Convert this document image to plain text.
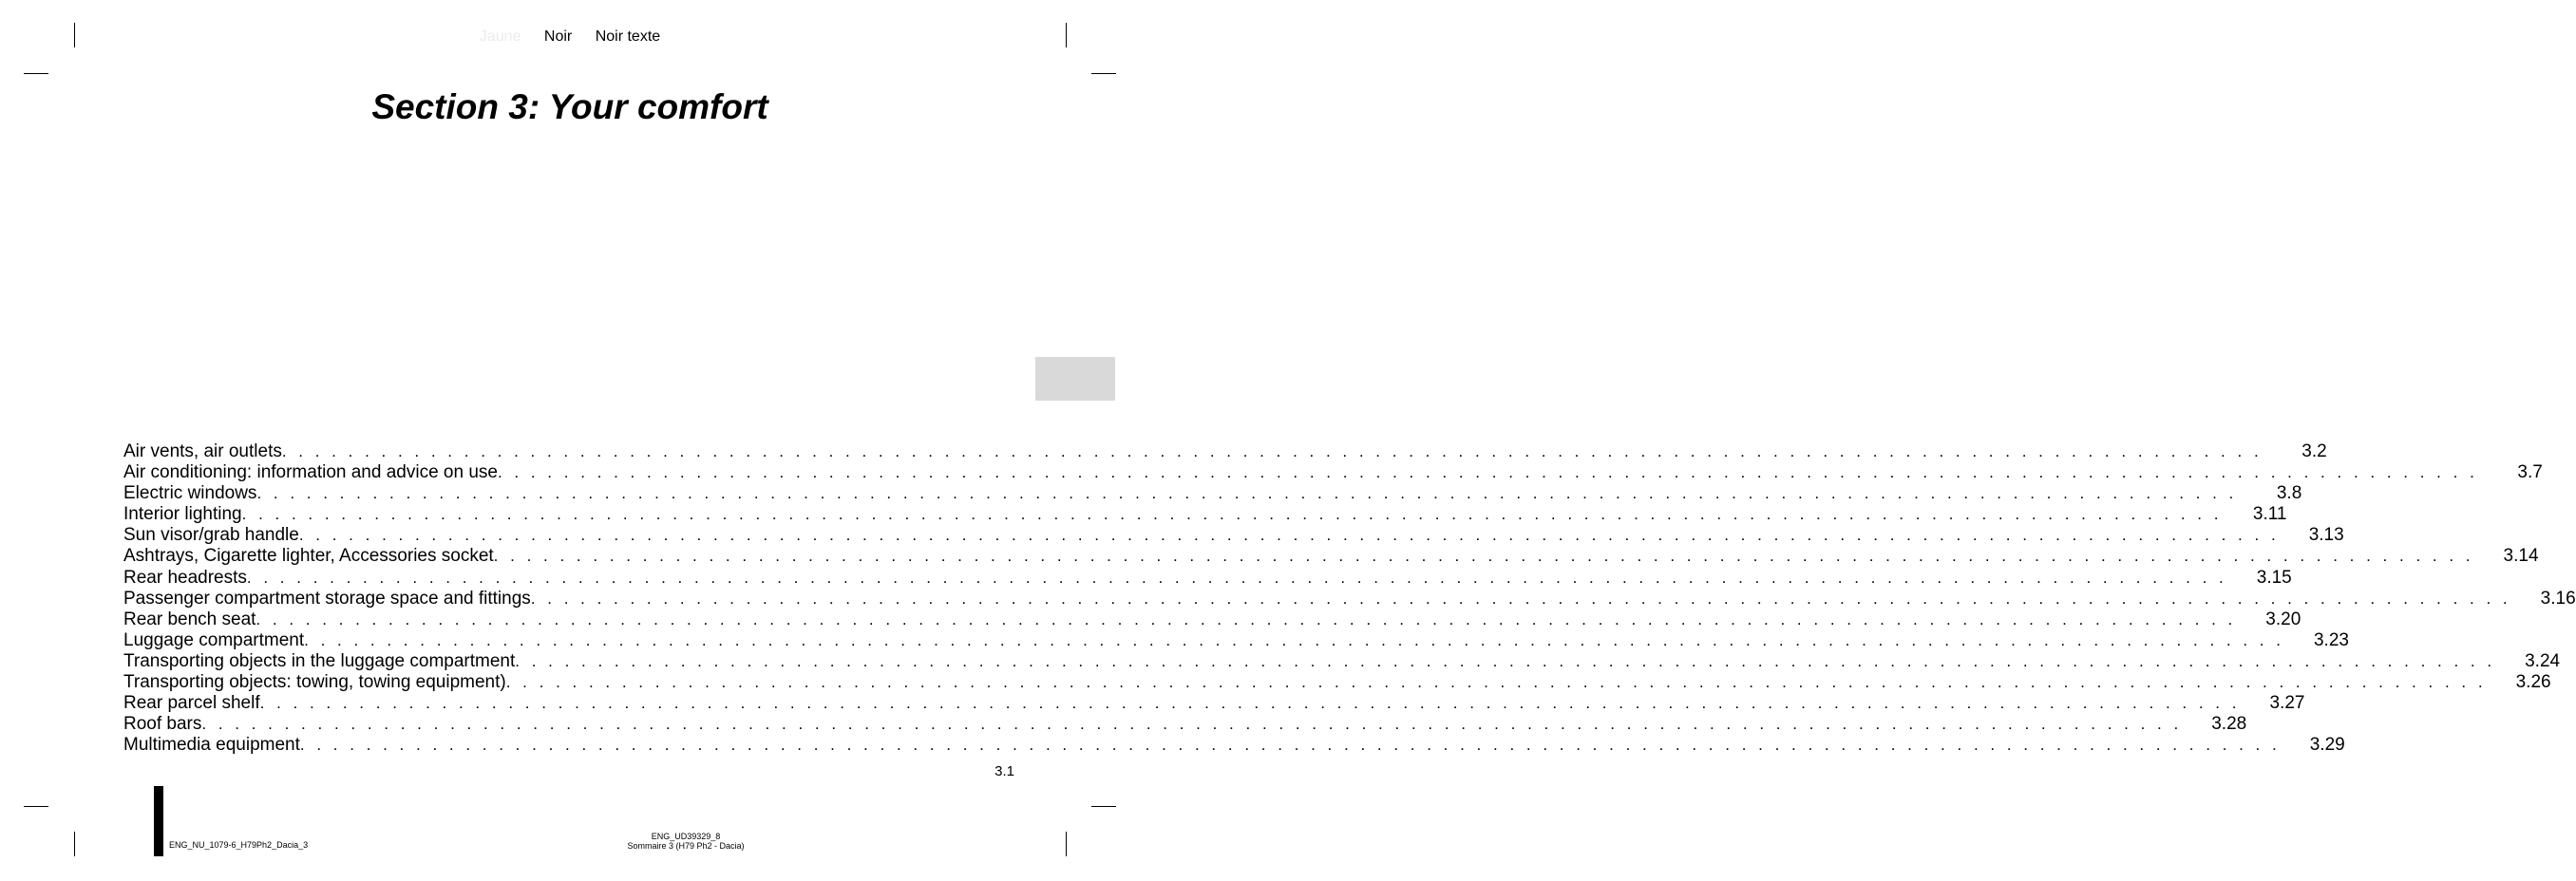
Jaune Noir Noir texte
Section 3: Your comfort
Air vents, air outlets . . . . . . . . . . . . . . . . . . . . . . . . . . . . . . . . . . . . . . . . . . . . . . . . . . . . . . . . . . . . . . . . . . . . . . . . . . . . . . . . . . . . . . . . . . . . . . . . . . . . . . . . . . . . . . . . . . . . . . . .	3.2
Air conditioning: information and advice on use . . . . . . . . . . . . . . . . . . . . . . . . . . . . . . . . . . . . . . . . . . . . . . . . . . . . . . . . . . . . . . . . . . . . . . . . . . . . . . . . . . . . . . . . . . . . . . . . . . . . . . . . . . . . . . . . . . . . . . . .	3.7
Electric windows . . . . . . . . . . . . . . . . . . . . . . . . . . . . . . . . . . . . . . . . . . . . . . . . . . . . . . . . . . . . . . . . . . . . . . . . . . . . . . . . . . . . . . . . . . . . . . . . . . . . . . . . . . . . . . . . . . . . . . . .	3.8
Interior lighting . . . . . . . . . . . . . . . . . . . . . . . . . . . . . . . . . . . . . . . . . . . . . . . . . . . . . . . . . . . . . . . . . . . . . . . . . . . . . . . . . . . . . . . . . . . . . . . . . . . . . . . . . . . . . . . . . . . . . . . . 3.11
Sun visor/grab handle . . . . . . . . . . . . . . . . . . . . . . . . . . . . . . . . . . . . . . . . . . . . . . . . . . . . . . . . . . . . . . . . . . . . . . . . . . . . . . . . . . . . . . . . . . . . . . . . . . . . . . . . . . . . . . . . . . . . . . . . 3.13
Ashtrays, Cigarette lighter, Accessories socket . . . . . . . . . . . . . . . . . . . . . . . . . . . . . . . . . . . . . . . . . . . . . . . . . . . . . . . . . . . . . . . . . . . . . . . . . . . . . . . . . . . . . . . . . . . . . . . . . . . . . . . . . . . . . . . . . . . . . . . . 3.14
Rear headrests . . . . . . . . . . . . . . . . . . . . . . . . . . . . . . . . . . . . . . . . . . . . . . . . . . . . . . . . . . . . . . . . . . . . . . . . . . . . . . . . . . . . . . . . . . . . . . . . . . . . . . . . . . . . . . . . . . . . . . . . 3.15
Passenger compartment storage space and fittings . . . . . . . . . . . . . . . . . . . . . . . . . . . . . . . . . . . . . . . . . . . . . . . . . . . . . . . . . . . . . . . . . . . . . . . . . . . . . . . . . . . . . . . . . . . . . . . . . . . . . . . . . . . . . . . . . . . . . . . . 3.16
Rear bench seat . . . . . . . . . . . . . . . . . . . . . . . . . . . . . . . . . . . . . . . . . . . . . . . . . . . . . . . . . . . . . . . . . . . . . . . . . . . . . . . . . . . . . . . . . . . . . . . . . . . . . . . . . . . . . . . . . . . . . . . . 3.20
Luggage compartment . . . . . . . . . . . . . . . . . . . . . . . . . . . . . . . . . . . . . . . . . . . . . . . . . . . . . . . . . . . . . . . . . . . . . . . . . . . . . . . . . . . . . . . . . . . . . . . . . . . . . . . . . . . . . . . . . . . . . . . . 3.23
Transporting objects in the luggage compartment . . . . . . . . . . . . . . . . . . . . . . . . . . . . . . . . . . . . . . . . . . . . . . . . . . . . . . . . . . . . . . . . . . . . . . . . . . . . . . . . . . . . . . . . . . . . . . . . . . . . . . . . . . . . . . . . . . . . . . . . 3.24
Transporting objects: towing, towing equipment) . . . . . . . . . . . . . . . . . . . . . . . . . . . . . . . . . . . . . . . . . . . . . . . . . . . . . . . . . . . . . . . . . . . . . . . . . . . . . . . . . . . . . . . . . . . . . . . . . . . . . . . . . . . . . . . . . . . . . . . . 3.26
Rear parcel shelf . . . . . . . . . . . . . . . . . . . . . . . . . . . . . . . . . . . . . . . . . . . . . . . . . . . . . . . . . . . . . . . . . . . . . . . . . . . . . . . . . . . . . . . . . . . . . . . . . . . . . . . . . . . . . . . . . . . . . . . . 3.27
Roof bars . . . . . . . . . . . . . . . . . . . . . . . . . . . . . . . . . . . . . . . . . . . . . . . . . . . . . . . . . . . . . . . . . . . . . . . . . . . . . . . . . . . . . . . . . . . . . . . . . . . . . . . . . . . . . . . . . . . . . . . . 3.28
Multimedia equipment . . . . . . . . . . . . . . . . . . . . . . . . . . . . . . . . . . . . . . . . . . . . . . . . . . . . . . . . . . . . . . . . . . . . . . . . . . . . . . . . . . . . . . . . . . . . . . . . . . . . . . . . . . . . . . . . . . . . . . . . 3.29
3.1
ENG_NU_1079-6_H79Ph2_Dacia_3
ENG_UD39329_8
Sommaire 3 (H79 Ph2 - Dacia)
